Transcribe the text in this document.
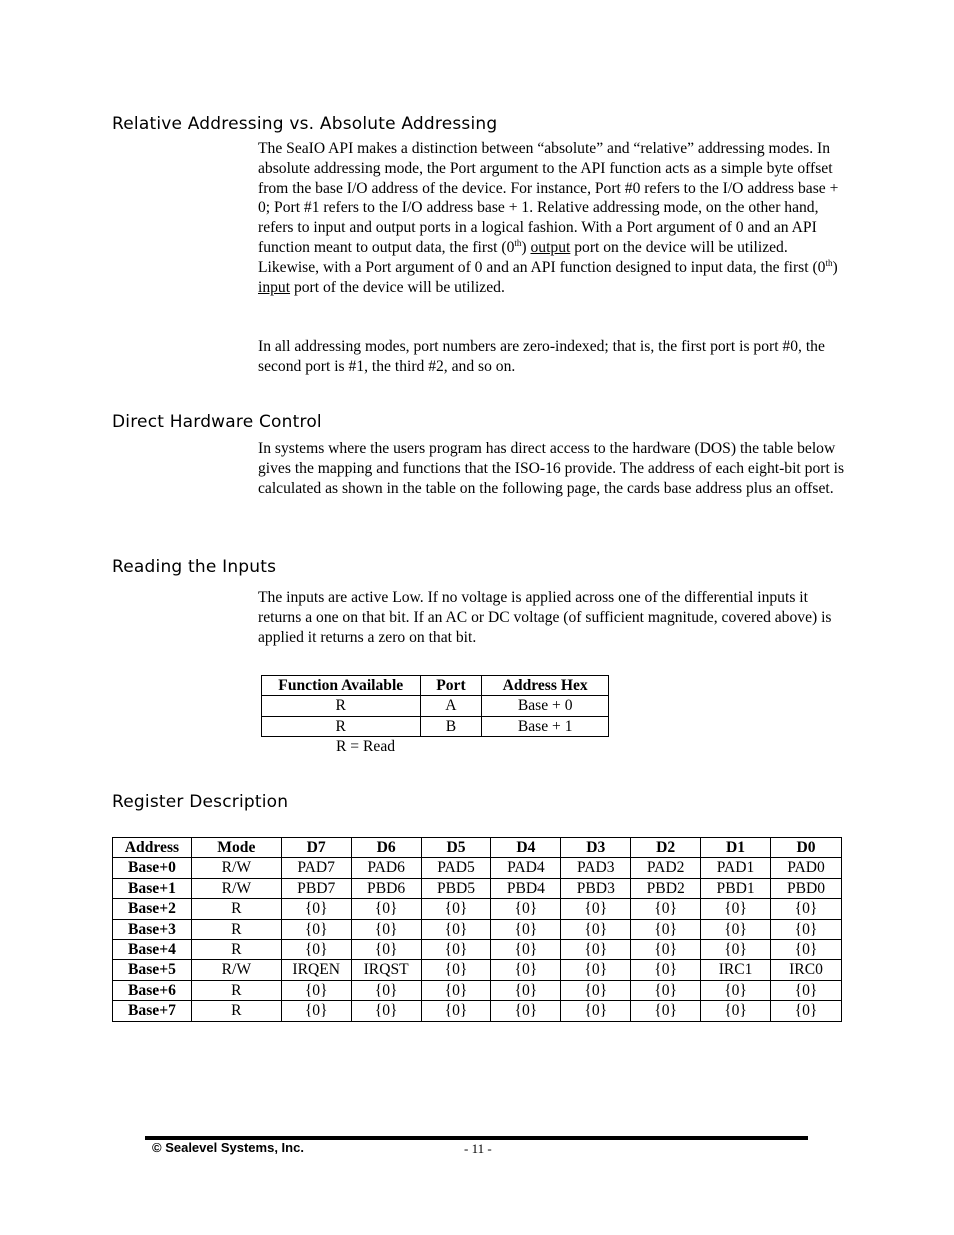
Relative Addressing vs. Absolute Addressing

The SeaIO API makes a distinction between “absolute” and “relative” addressing modes. In absolute addressing mode, the Port argument to the API function acts as a simple byte offset from the base I/O address of the device. For instance, Port #0 refers to the I/O address base + 0; Port #1 refers to the I/O address base + 1. Relative addressing mode, on the other hand, refers to input and output ports in a logical fashion. With a Port argument of 0 and an API function meant to output data, the first (0th) output port on the device will be utilized. Likewise, with a Port argument of 0 and an API function designed to input data, the first (0th) input port of the device will be utilized.

In all addressing modes, port numbers are zero-indexed; that is, the first port is port #0, the second port is #1, the third #2, and so on.

Direct Hardware Control

In systems where the users program has direct access to the hardware (DOS) the table below gives the mapping and functions that the ISO-16 provide. The address of each eight-bit port is calculated as shown in the table on the following page, the cards base address plus an offset.

Reading the Inputs

The inputs are active Low. If no voltage is applied across one of the differential inputs it returns a one on that bit. If an AC or DC voltage (of sufficient magnitude, covered above) is applied it returns a zero on that bit.

Function Available	Port	Address Hex
R	A	Base + 0
R	B	Base + 1
R = Read
Register Description
Address	Mode	D7	D6	D5	D4	D3	D2	D1	D0
Base+0	R/W	PAD7	PAD6	PAD5	PAD4	PAD3	PAD2	PAD1	PAD0
Base+1	R/W	PBD7	PBD6	PBD5	PBD4	PBD3	PBD2	PBD1	PBD0
Base+2	R	{0}	{0}	{0}	{0}	{0}	{0}	{0}	{0}
Base+3	R	{0}	{0}	{0}	{0}	{0}	{0}	{0}	{0}
Base+4	R	{0}	{0}	{0}	{0}	{0}	{0}	{0}	{0}
Base+5	R/W	IRQEN	IRQST	{0}	{0}	{0}	{0}	IRC1	IRC0
Base+6	R	{0}	{0}	{0}	{0}	{0}	{0}	{0}	{0}
Base+7	R	{0}	{0}	{0}	{0}	{0}	{0}	{0}	{0}
© Sealevel Systems, Inc.	- 11 -
